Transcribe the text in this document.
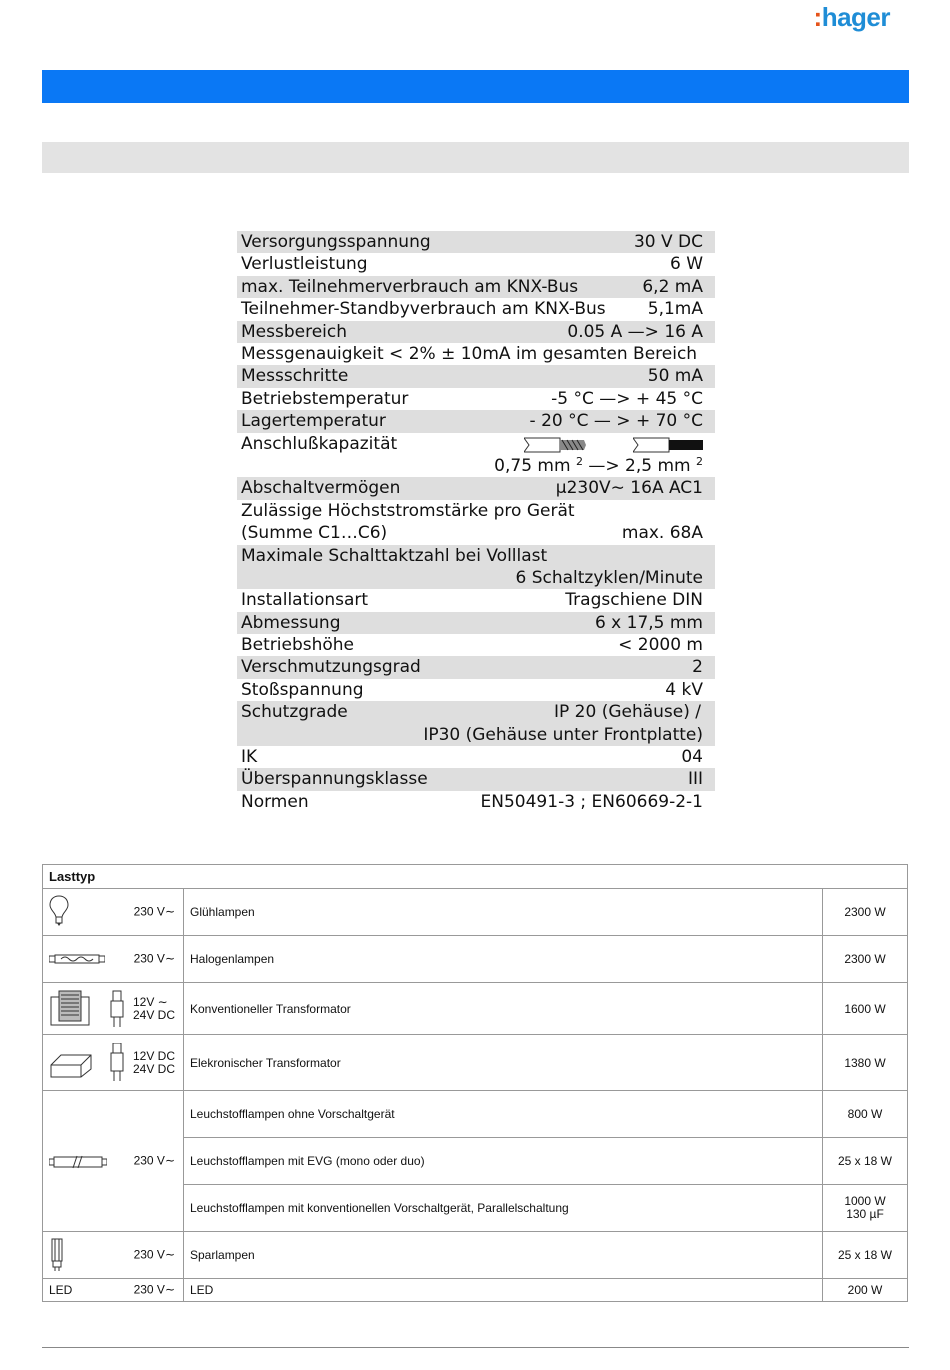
:hager
Versorgungsspannung	30 V DC
Verlustleistung	6 W
max. Teilnehmerverbrauch am KNX-Bus	6,2 mA
Teilnehmer-Standbyverbrauch am KNX-Bus 5,1mA
Messbereich	0.05 A —> 16 A
Messgenauigkeit < 2% ± 10mA im gesamten Bereich
Messschritte	50 mA
Betriebstemperatur	-5 °C —> + 45 °C
Lagertemperatur	- 20 °C — > + 70 °C
Anschlußkapazität
0,75 mm $^2$ —> 2,5 mm $^2$
Abschaltvermögen	µ230V∼ 16A AC1
Zulässige Höchststromstärke pro Gerät
(Summe C1…C6)	max. 68A
Maximale Schalttaktzahl bei Volllast
6 Schaltzyklen/Minute
Installationsart	Tragschiene DIN
Abmessung	6 x 17,5 mm
Betriebshöhe	< 2000 m
Verschmutzungsgrad	2
Stoßspannung	4 kV
Schutzgrade	IP 20 (Gehäuse) /
IP30 (Gehäuse unter Frontplatte)
IK	04
Überspannungsklasse	III
Normen	EN50491-3 ; EN60669-2-1
Lasttyp		

230 V∼	Glühlampen	2300 W

230 V∼	Halogenlampen	2300 W

12V ∼
24V DC	Konventioneller Transformator	1600 W

12V DC
24V DC	Elekronischer Transformator	1380 W

230 V∼	Leuchstofflampen ohne Vorschaltgerät	800 W
	Leuchstofflampen mit EVG (mono oder duo)	25 x 18 W
	Leuchstofflampen mit konventionellen Vorschaltgerät, Parallelschaltung	1000 W
130 µF

230 V∼	Sparlampen	25 x 18 W

LED 230 V∼	LED	200 W
